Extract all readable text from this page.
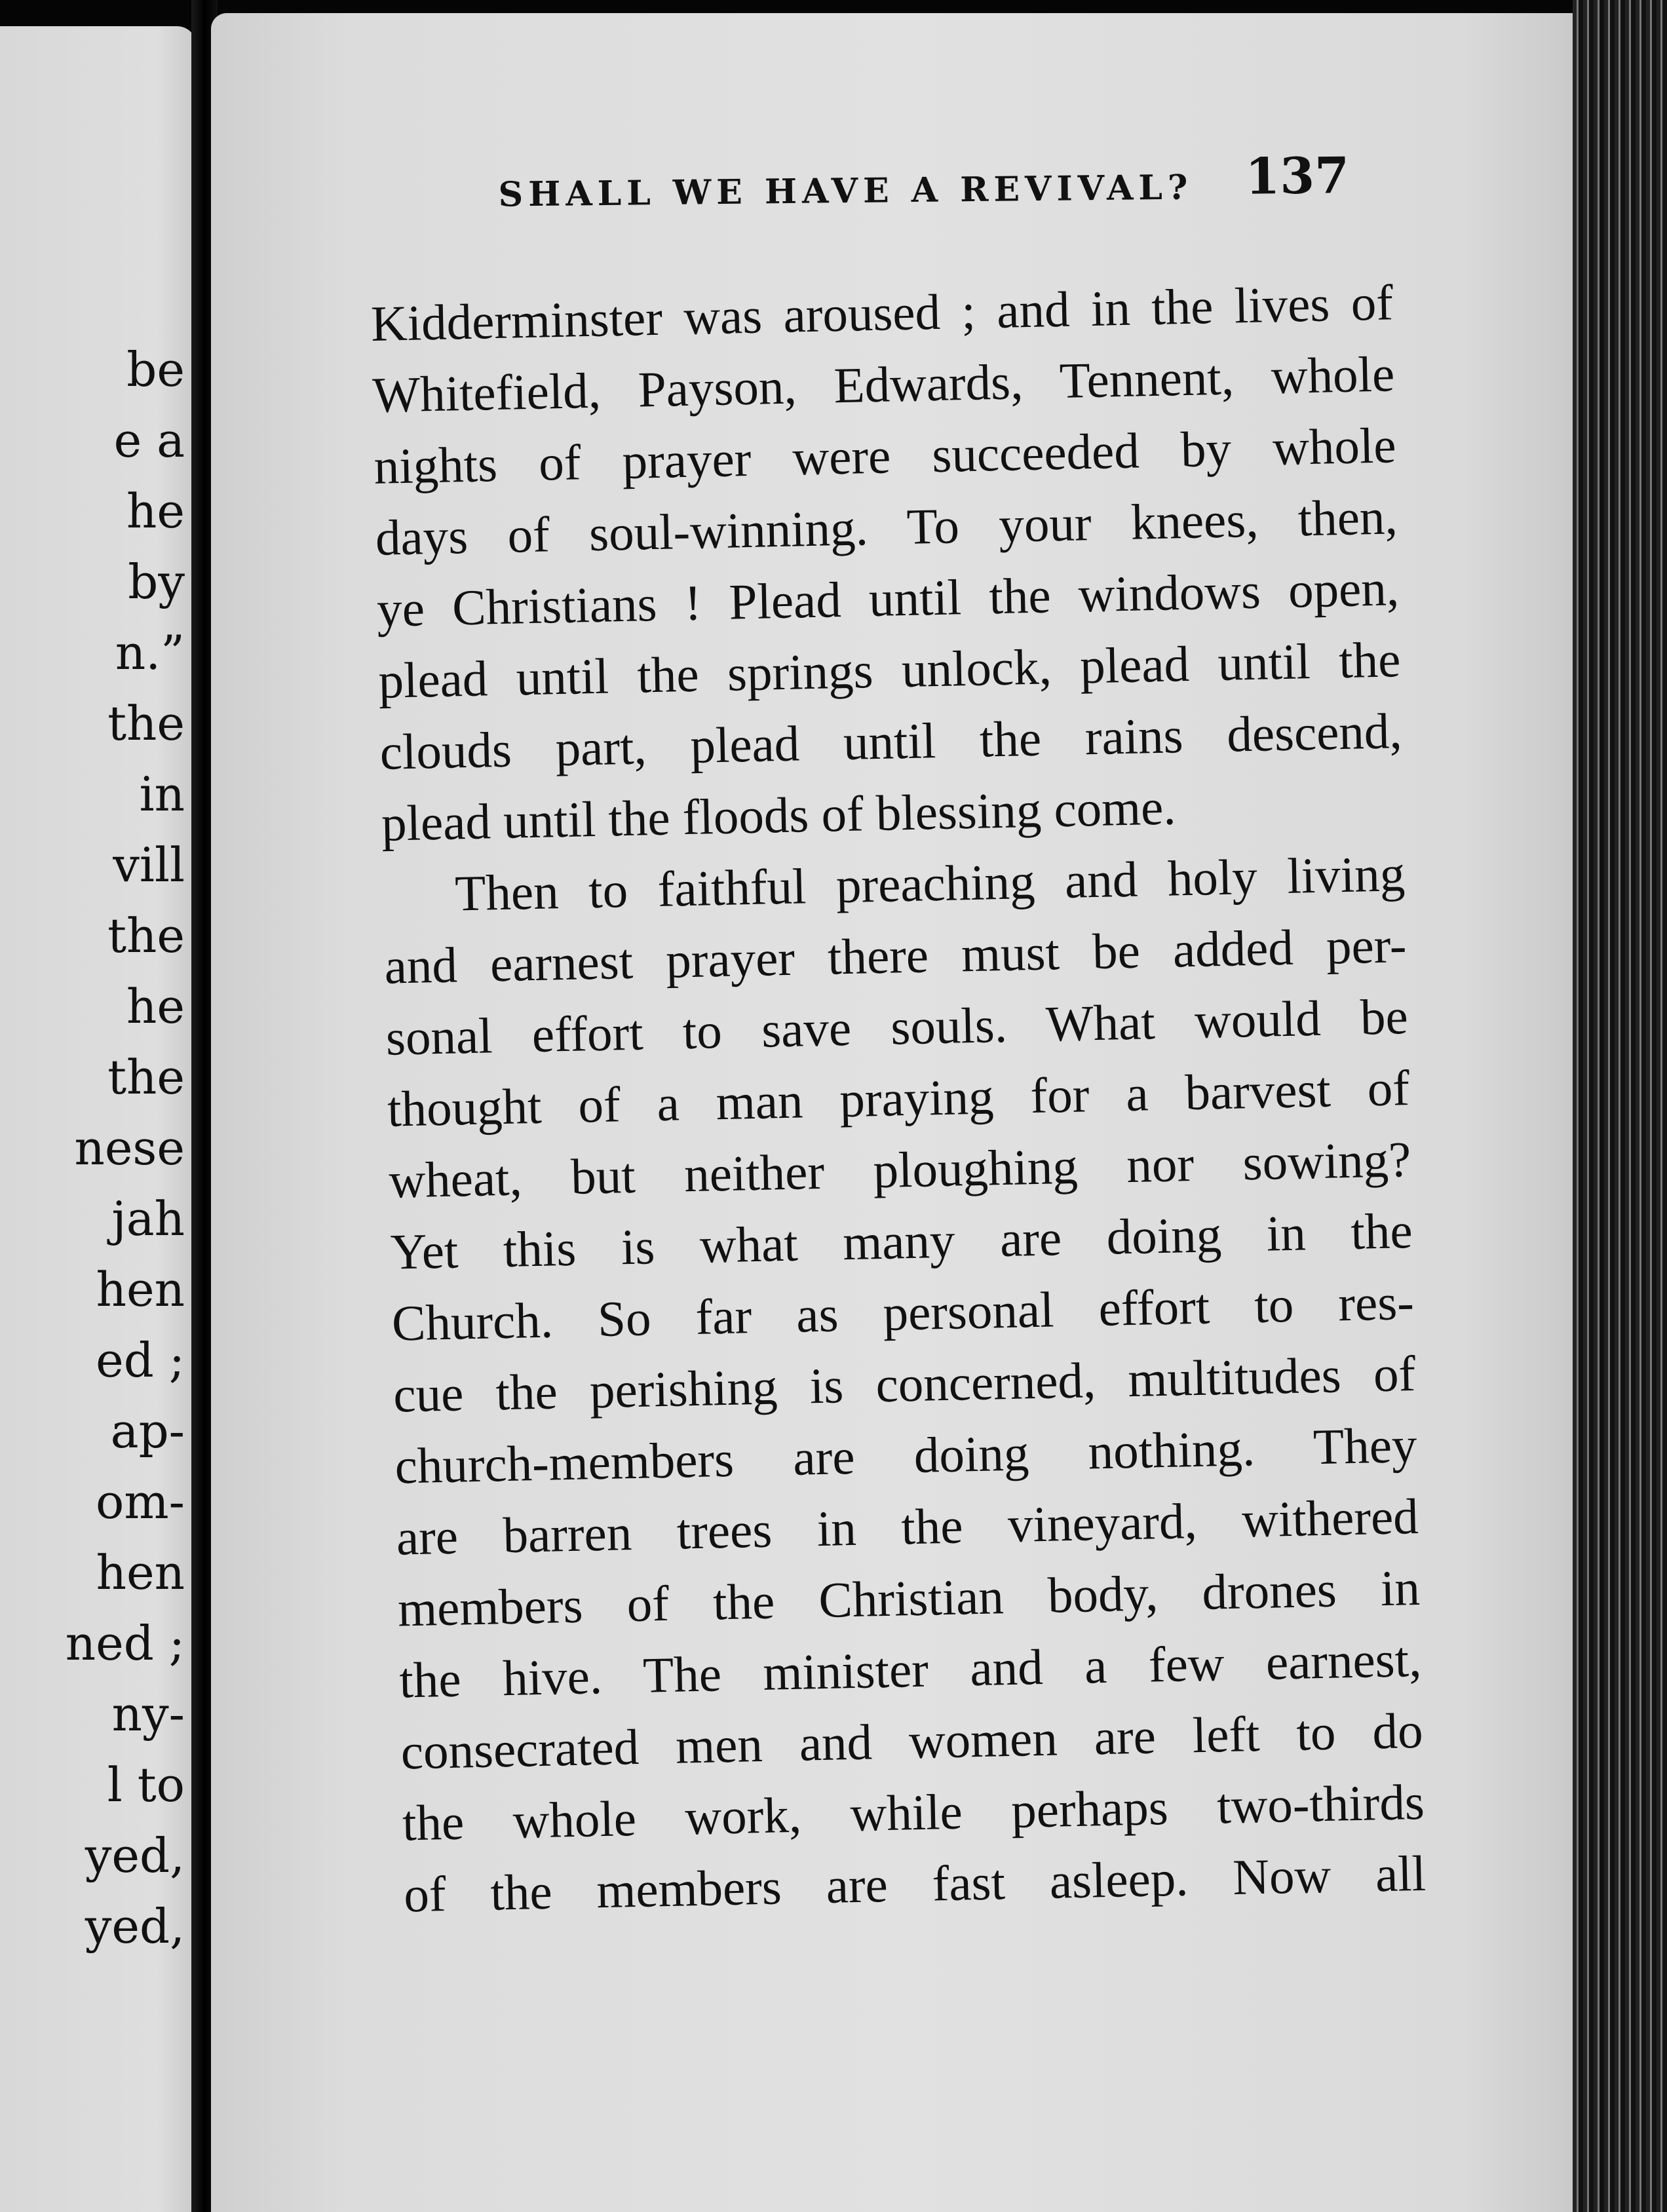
be
e a
he
by
n.”
the
in
vill
the
he
the
nese
jah
hen
ed ;
ap-
om-
hen
ned ;
ny-
l to
yed,
yed,
SHALL WE HAVE A REVIVAL? 137
Kidderminster was aroused ; and in the lives of
Whitefield, Payson, Edwards, Tennent, whole
nights of prayer were succeeded by whole
days of soul-winning. To your knees, then,
ye Christians ! Plead until the windows open,
plead until the springs unlock, plead until the
clouds part, plead until the rains descend,
plead until the floods of blessing come.
Then to faithful preaching and holy living
and earnest prayer there must be added per-
sonal effort to save souls. What would be
thought of a man praying for a barvest of
wheat, but neither ploughing nor sowing?
Yet this is what many are doing in the
Church. So far as personal effort to res-
cue the perishing is concerned, multitudes of
church-members are doing nothing. They
are barren trees in the vineyard, withered
members of the Christian body, drones in
the hive. The minister and a few earnest,
consecrated men and women are left to do
the whole work, while perhaps two-thirds
of the members are fast asleep. Now all
